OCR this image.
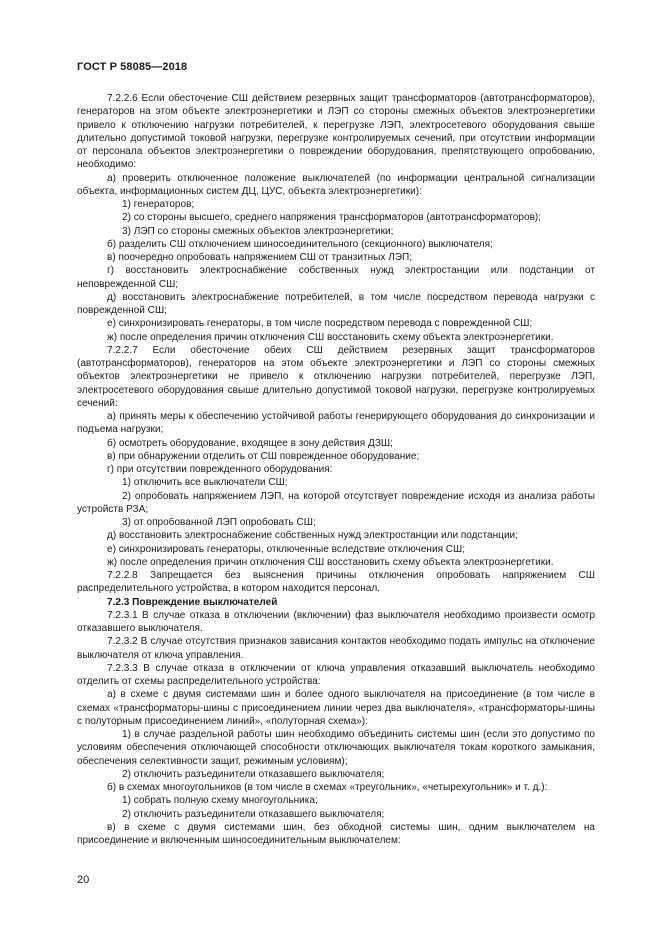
ГОСТ Р 58085—2018

7.2.2.6 Если обесточение СШ действием резервных защит трансформаторов (автотрансформаторов), генераторов на этом объекте электроэнергетики и ЛЭП со стороны смежных объектов электроэнергетики привело к отключению нагрузки потребителей, к перегрузке ЛЭП, электросетевого оборудования свыше длительно допустимой токовой нагрузки, перегрузке контролируемых сечений, при отсутствии информации от персонала объектов электроэнергетики о повреждении оборудования, препятствующего опробованию, необходимо:

а) проверить отключенное положение выключателей (по информации центральной сигнализации объекта, информационных систем ДЦ, ЦУС, объекта электроэнергетики):

1) генераторов;

2) со стороны высшего, среднего напряжения трансформаторов (автотрансформаторов);

3) ЛЭП со стороны смежных объектов электроэнергетики;

б) разделить СШ отключением шиносоединительного (секционного) выключателя;

в) поочередно опробовать напряжением СШ от транзитных ЛЭП;

г) восстановить электроснабжение собственных нужд электростанции или подстанции от неповрежденной СШ;

д) восстановить электроснабжение потребителей, в том числе посредством перевода нагрузки с поврежденной СШ;

е) синхронизировать генераторы, в том числе посредством перевода с поврежденной СШ;

ж) после определения причин отключения СШ восстановить схему объекта электроэнергетики.

7.2.2.7 Если обесточение обеих СШ действием резервных защит трансформаторов (автотрансформаторов), генераторов на этом объекте электроэнергетики и ЛЭП со стороны смежных объектов электроэнергетики не привело к отключению нагрузки потребителей, перегрузке ЛЭП, электросетевого оборудования свыше длительно допустимой токовой нагрузки, перегрузке контролируемых сечений:

а) принять меры к обеспечению устойчивой работы генерирующего оборудования до синхронизации и подъема нагрузки;

б) осмотреть оборудование, входящее в зону действия ДЗШ;

в) при обнаружении отделить от СШ поврежденное оборудование;

г) при отсутствии поврежденного оборудования:

1) отключить все выключатели СШ;

2) опробовать напряжением ЛЭП, на которой отсутствует повреждение исходя из анализа работы устройств РЗА;

3) от опробованной ЛЭП опробовать СШ;

д) восстановить электроснабжение собственных нужд электростанции или подстанции;

е) синхронизировать генераторы, отключенные вследствие отключения СШ;

ж) после определения причин отключения СШ восстановить схему объекта электроэнергетики.

7.2.2.8 Запрещается без выяснения причины отключения опробовать напряжением СШ распределительного устройства, в котором находится персонал.

7.2.3 Повреждение выключателей

7.2.3.1 В случае отказа в отключении (включении) фаз выключателя необходимо произвести осмотр отказавшего выключателя.

7.2.3.2 В случае отсутствия признаков зависания контактов необходимо подать импульс на отключение выключателя от ключа управления.

7.2.3.3 В случае отказа в отключении от ключа управления отказавший выключатель необходимо отделить от схемы распределительного устройства:

а) в схеме с двумя системами шин и более одного выключателя на присоединение (в том числе в схемах «трансформаторы-шины с присоединением линии через два выключателя», «трансформаторы-шины с полуторным присоединением линий», «полуторная схема»):

1) в случае раздельной работы шин необходимо объединить системы шин (если это допустимо по условиям обеспечения отключающей способности отключающих выключателя токам короткого замыкания, обеспечения селективности защит, режимным условиям);

2) отключить разъединители отказавшего выключателя;

б) в схемах многоугольников (в том числе в схемах «треугольник», «четырехугольник» и т. д.):

1) собрать полную схему многоугольника;

2) отключить разъединители отказавшего выключателя;

в) в схеме с двумя системами шин, без обходной системы шин, одним выключателем на присоединение и включенным шиносоединительным выключателем:

20
